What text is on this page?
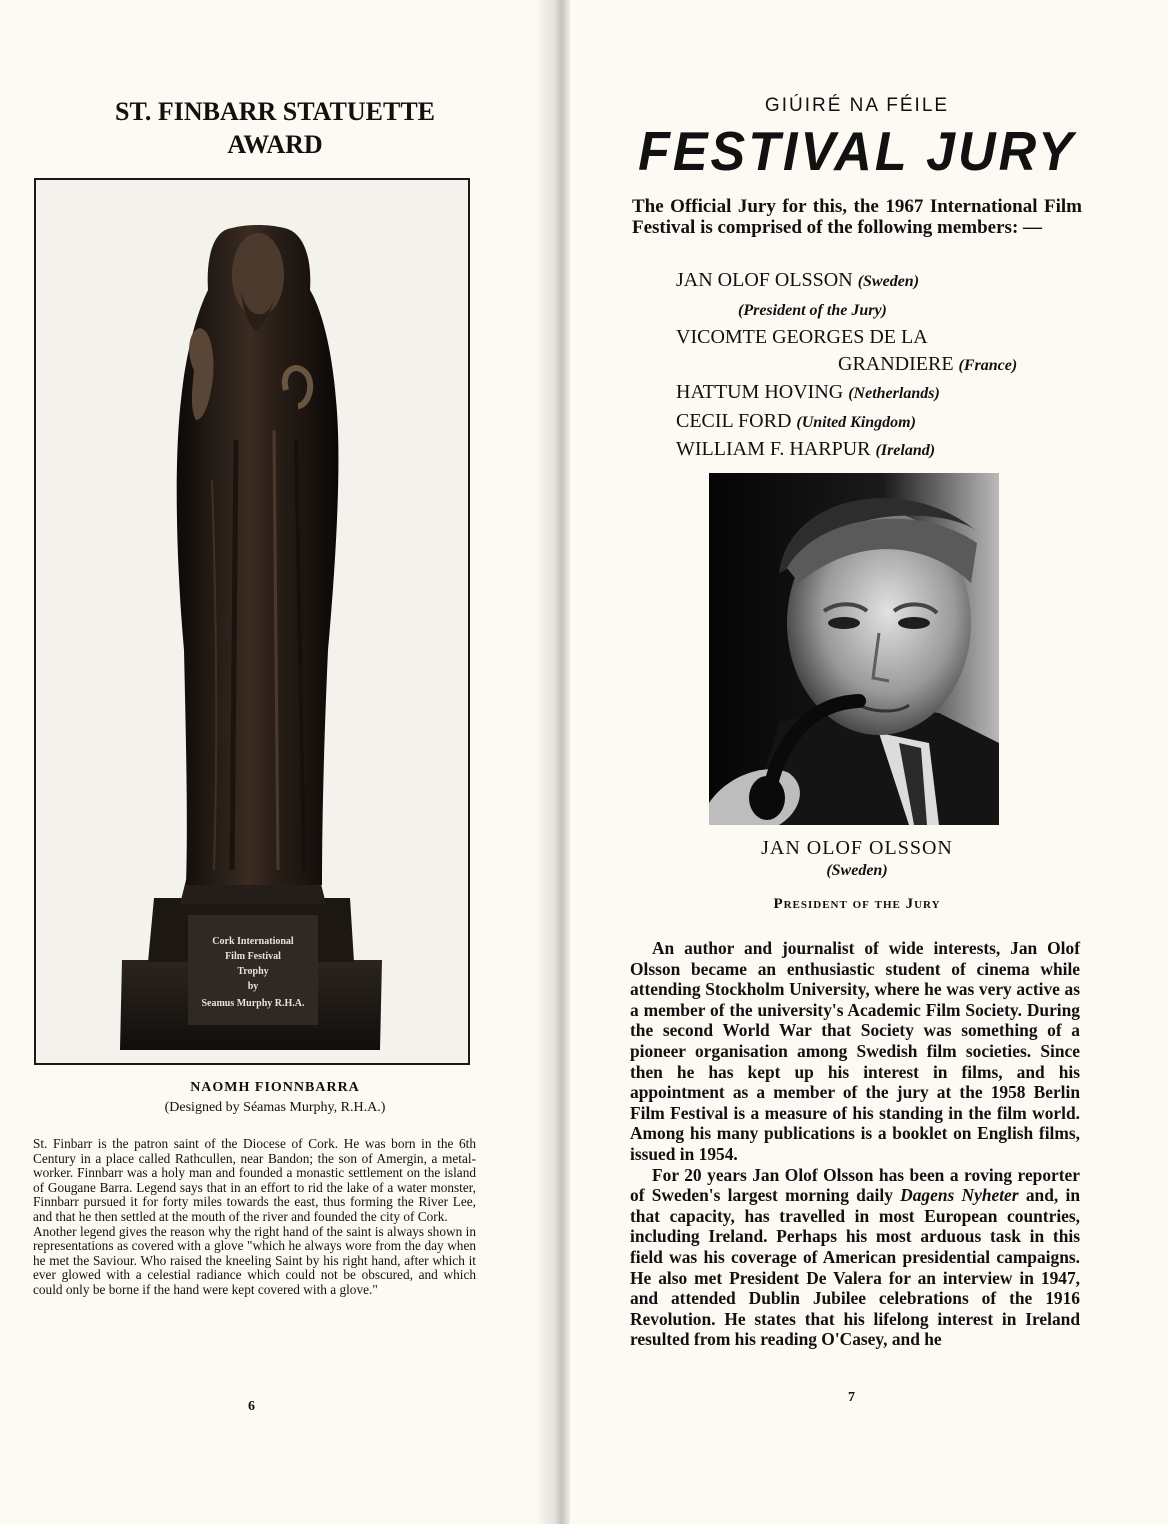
ST. FINBARR STATUETTE
AWARD
Cork International
Film Festival
Trophy
by
Seamus Murphy R.H.A.
NAOMH FIONNBARRA
(Designed by Séamas Murphy, R.H.A.)

St. Finbarr is the patron saint of the Diocese of Cork. He was born in the 6th Century in a place called Rathcullen, near Bandon; the son of Amergin, a metal-worker. Finnbarr was a holy man and founded a monastic settlement on the island of Gougane Barra. Legend says that in an effort to rid the lake of a water monster, Finnbarr pursued it for forty miles towards the east, thus forming the River Lee, and that he then settled at the mouth of the river and founded the city of Cork.

Another legend gives the reason why the right hand of the saint is always shown in representations as covered with a glove "which he always wore from the day when he met the Saviour. Who raised the kneeling Saint by his right hand, after which it ever glowed with a celestial radiance which could not be obscured, and which could only be borne if the hand were kept covered with a glove."

6
GIÚIRÉ NA FÉILE
FESTIVAL JURY

The Official Jury for this, the 1967 International Film Festival is comprised of the following members: —

JAN OLOF OLSSON (Sweden)
(President of the Jury)
VICOMTE GEORGES DE LA
GRANDIERE (France)
HATTUM HOVING (Netherlands)
CECIL FORD (United Kingdom)
WILLIAM F. HARPUR (Ireland)
JAN OLOF OLSSON
(Sweden)
President of the Jury

An author and journalist of wide interests, Jan Olof Olsson became an enthusiastic student of cinema while attending Stockholm University, where he was very active as a member of the university's Academic Film Society. During the second World War that Society was something of a pioneer organisation among Swedish film societies. Since then he has kept up his interest in films, and his appointment as a member of the jury at the 1958 Berlin Film Festival is a measure of his standing in the film world. Among his many publications is a booklet on English films, issued in 1954.

For 20 years Jan Olof Olsson has been a roving reporter of Sweden's largest morning daily Dagens Nyheter and, in that capacity, has travelled in most European countries, including Ireland. Perhaps his most arduous task in this field was his coverage of American presidential campaigns. He also met President De Valera for an interview in 1947, and attended Dublin Jubilee celebrations of the 1916 Revolution. He states that his lifelong interest in Ireland resulted from his reading O'Casey, and he

7
